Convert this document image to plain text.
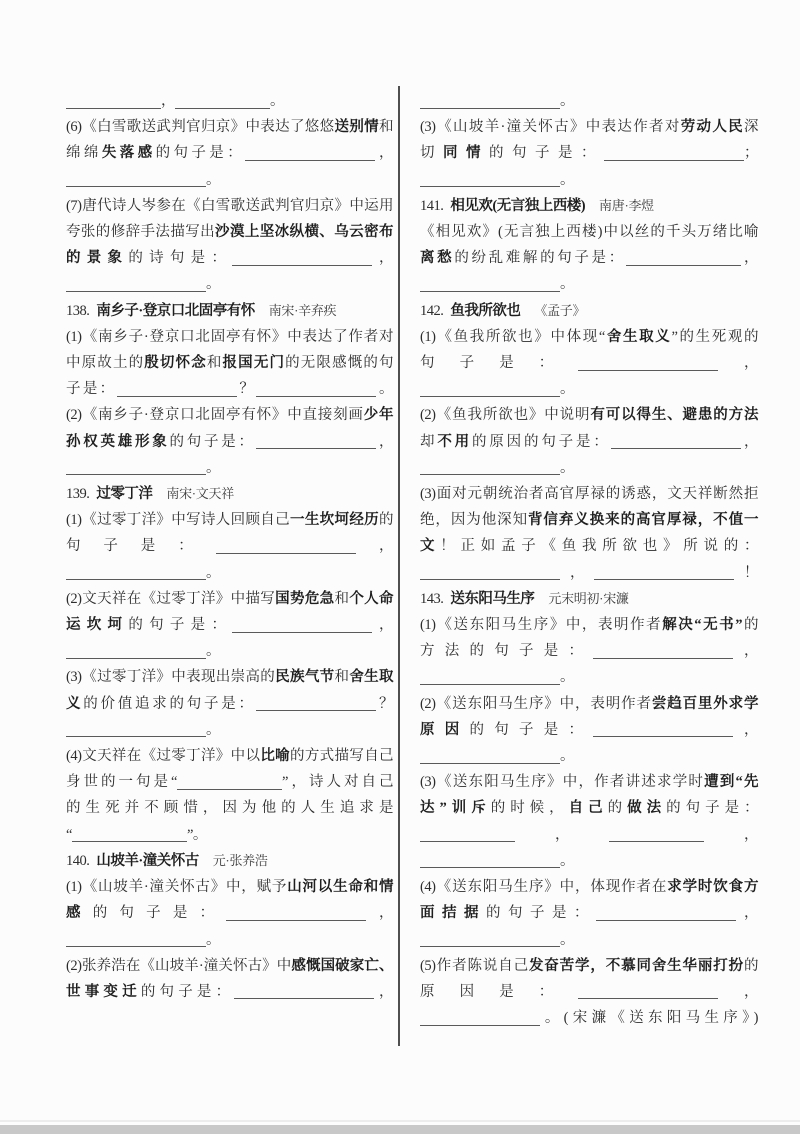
，	。
(6)《白雪歌送武判官归京》中表达了悠悠送别情和
绵绵失落感的句子是：	，
。
(7)唐代诗人岑参在《白雪歌送武判官归京》中运用
夸张的修辞手法描写出沙漠上坚冰纵横、乌云密布
的景象的诗句是：	，
。
138. 南乡子·登京口北固亭有怀 南宋·辛弃疾
(1)《南乡子·登京口北固亭有怀》中表达了作者对
中原故土的殷切怀念和报国无门的无限感慨的句
子是：	？	。
(2)《南乡子·登京口北固亭有怀》中直接刻画少年
孙权英雄形象的句子是：	，
。
139. 过零丁洋 南宋·文天祥
(1)《过零丁洋》中写诗人回顾自己一生坎坷经历的
句子是：	，
。
(2)文天祥在《过零丁洋》中描写国势危急和个人命
运坎坷的句子是：	，
。
(3)《过零丁洋》中表现出崇高的民族气节和舍生取
义的价值追求的句子是：	？
。
(4)文天祥在《过零丁洋》中以比喻的方式描写自己
身世的一句是“	”，诗人对自己
的生死并不顾惜，因为他的人生追求是
“	”。
140. 山坡羊·潼关怀古 元·张养浩
(1)《山坡羊·潼关怀古》中，赋予山河以生命和情
感的句子是：	，
。
(2)张养浩在《山坡羊·潼关怀古》中感慨国破家亡、
世事变迁的句子是：	，
。
(3)《山坡羊·潼关怀古》中表达作者对劳动人民深
切同情的句子是：	；
。
141. 相见欢(无言独上西楼) 南唐·李煜
《相见欢》(无言独上西楼)中以丝的千头万绪比喻
离愁的纷乱难解的句子是：	，
。
142. 鱼我所欲也 《孟子》
(1)《鱼我所欲也》中体现“舍生取义”的生死观的
句子是：	，
。
(2)《鱼我所欲也》中说明有可以得生、避患的方法
却不用的原因的句子是：	，
。
(3)面对元朝统治者高官厚禄的诱惑，文天祥断然拒
绝，因为他深知背信弃义换来的高官厚禄，不值一
文！正如孟子《鱼我所欲也》所说的：
，	！
143. 送东阳马生序 元末明初·宋濂
(1)《送东阳马生序》中，表明作者解决“无书”的
方法的句子是：	，
。
(2)《送东阳马生序》中，表明作者尝趋百里外求学
原因的句子是：	，
。
(3)《送东阳马生序》中，作者讲述求学时遭到“先
达”训斥的时候，自己的做法的句子是：
，	，
。
(4)《送东阳马生序》中，体现作者在求学时饮食方
面拮据的句子是：	，
。
(5)作者陈说自己发奋苦学，不慕同舍生华丽打扮的
原因是：	，
。(宋濂《送东阳马生序》)
